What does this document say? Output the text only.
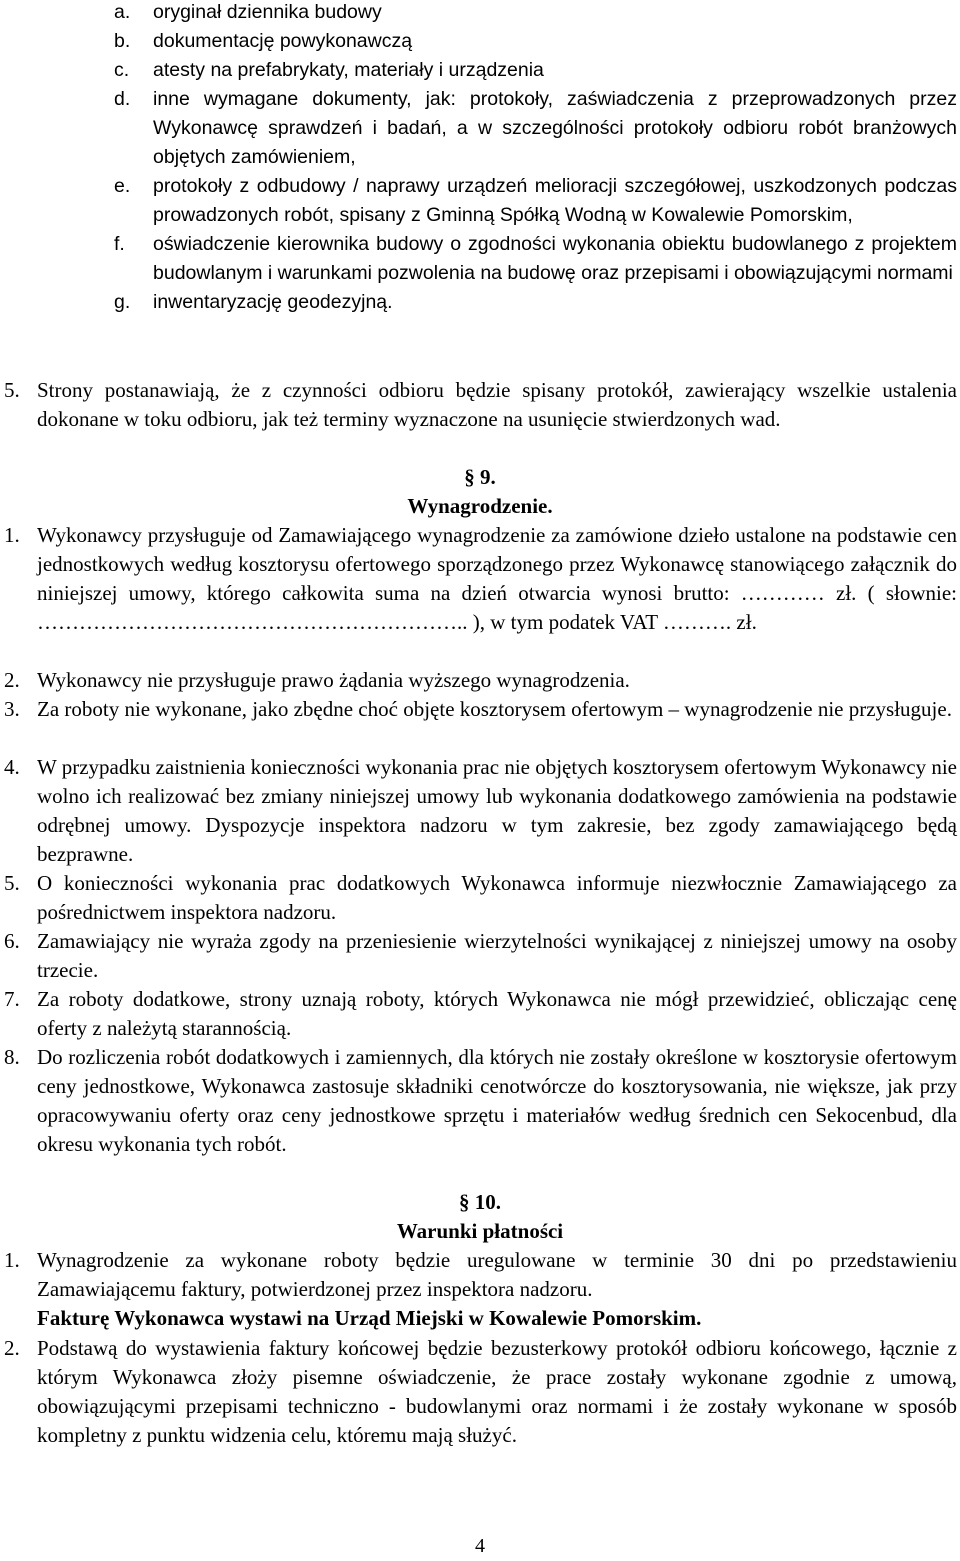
a.	oryginał dziennika budowy
b.	dokumentację powykonawczą
c.	atesty na prefabrykaty, materiały i urządzenia
d.	inne wymagane dokumenty, jak: protokoły, zaświadczenia z przeprowadzonych przez Wykonawcę sprawdzeń i badań, a w szczególności protokoły odbioru robót branżowych objętych zamówieniem,
e.	protokoły z odbudowy / naprawy urządzeń melioracji szczegółowej, uszkodzonych podczas prowadzonych robót, spisany z Gminną Spółką Wodną w Kowalewie Pomorskim,
f.	oświadczenie kierownika budowy o zgodności wykonania obiektu budowlanego z projektem budowlanym i warunkami pozwolenia na budowę oraz przepisami i obowiązującymi normami
g.	inwentaryzację geodezyjną.
5. Strony postanawiają, że z czynności odbioru będzie spisany protokół, zawierający wszelkie ustalenia dokonane w toku odbioru, jak też terminy wyznaczone na usunięcie stwierdzonych wad.
§ 9.
Wynagrodzenie.
1. Wykonawcy przysługuje od Zamawiającego wynagrodzenie za zamówione dzieło ustalone na podstawie cen jednostkowych według kosztorysu ofertowego sporządzonego przez Wykonawcę stanowiącego załącznik do niniejszej umowy, którego całkowita suma na dzień otwarcia wynosi brutto: ………… zł. ( słownie: …………………………………………………….. ), w tym podatek VAT ………. zł.
2. Wykonawcy nie przysługuje prawo żądania wyższego wynagrodzenia.
3. Za roboty nie wykonane, jako zbędne choć objęte kosztorysem ofertowym – wynagrodzenie nie przysługuje.
4. W przypadku zaistnienia konieczności wykonania prac nie objętych kosztorysem ofertowym Wykonawcy nie wolno ich realizować bez zmiany niniejszej umowy lub wykonania dodatkowego zamówienia na podstawie odrębnej umowy. Dyspozycje inspektora nadzoru w tym zakresie, bez zgody zamawiającego będą bezprawne.
5. O konieczności wykonania prac dodatkowych Wykonawca informuje niezwłocznie Zamawiającego za pośrednictwem inspektora nadzoru.
6. Zamawiający nie wyraża zgody na przeniesienie wierzytelności wynikającej z niniejszej umowy na osoby trzecie.
7. Za roboty dodatkowe, strony uznają roboty, których Wykonawca nie mógł przewidzieć, obliczając cenę oferty z należytą starannością.
8. Do rozliczenia robót dodatkowych i zamiennych, dla których nie zostały określone w kosztorysie ofertowym ceny jednostkowe, Wykonawca zastosuje składniki cenotwórcze do kosztorysowania, nie większe, jak przy opracowywaniu oferty oraz ceny jednostkowe sprzętu i materiałów według średnich cen Sekocenbud, dla okresu wykonania tych robót.
§ 10.
Warunki płatności
1. Wynagrodzenie za wykonane roboty będzie uregulowane w terminie 30 dni po przedstawieniu Zamawiającemu faktury, potwierdzonej przez inspektora nadzoru.
Fakturę Wykonawca wystawi na Urząd Miejski w Kowalewie Pomorskim.
2. Podstawą do wystawienia faktury końcowej będzie bezusterkowy protokół odbioru końcowego, łącznie z którym Wykonawca złoży pisemne oświadczenie, że prace zostały wykonane zgodnie z umową, obowiązującymi przepisami techniczno - budowlanymi oraz normami i że zostały wykonane w sposób kompletny z punktu widzenia celu, któremu mają służyć.
4
